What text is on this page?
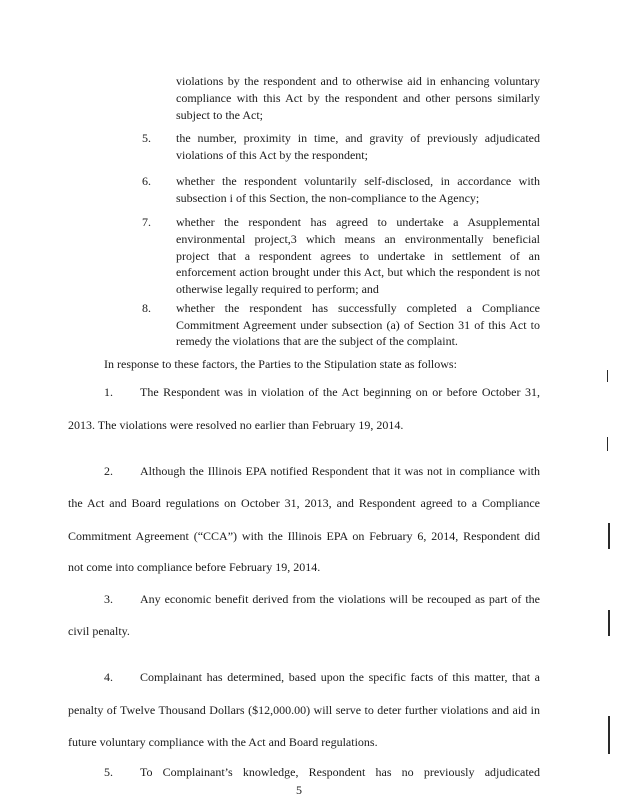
violations by the respondent and to otherwise aid in enhancing voluntary
compliance with this Act by the respondent and other persons similarly
subject to the Act;
5. the number, proximity in time, and gravity of previously adjudicated
violations of this Act by the respondent;
6. whether the respondent voluntarily self-disclosed, in accordance with
subsection i of this Section, the non-compliance to the Agency;
7. whether the respondent has agreed to undertake a Asupplemental
environmental project,3 which means an environmentally beneficial
project that a respondent agrees to undertake in settlement of an
enforcement action brought under this Act, but which the respondent is not
otherwise legally required to perform; and
8. whether the respondent has successfully completed a Compliance
Commitment Agreement under subsection (a) of Section 31 of this Act to
remedy the violations that are the subject of the complaint.
In response to these factors, the Parties to the Stipulation state as follows:
1. The Respondent was in violation of the Act beginning on or before October 31,
2013. The violations were resolved no earlier than February 19, 2014.
2. Although the Illinois EPA notified Respondent that it was not in compliance with
the Act and Board regulations on October 31, 2013, and Respondent agreed to a Compliance
Commitment Agreement (“CCA”) with the Illinois EPA on February 6, 2014, Respondent did
not come into compliance before February 19, 2014.
3. Any economic benefit derived from the violations will be recouped as part of the
civil penalty.
4. Complainant has determined, based upon the specific facts of this matter, that a
penalty of Twelve Thousand Dollars ($12,000.00) will serve to deter further violations and aid in
future voluntary compliance with the Act and Board regulations.
5. To Complainant’s knowledge, Respondent has no previously adjudicated
5
